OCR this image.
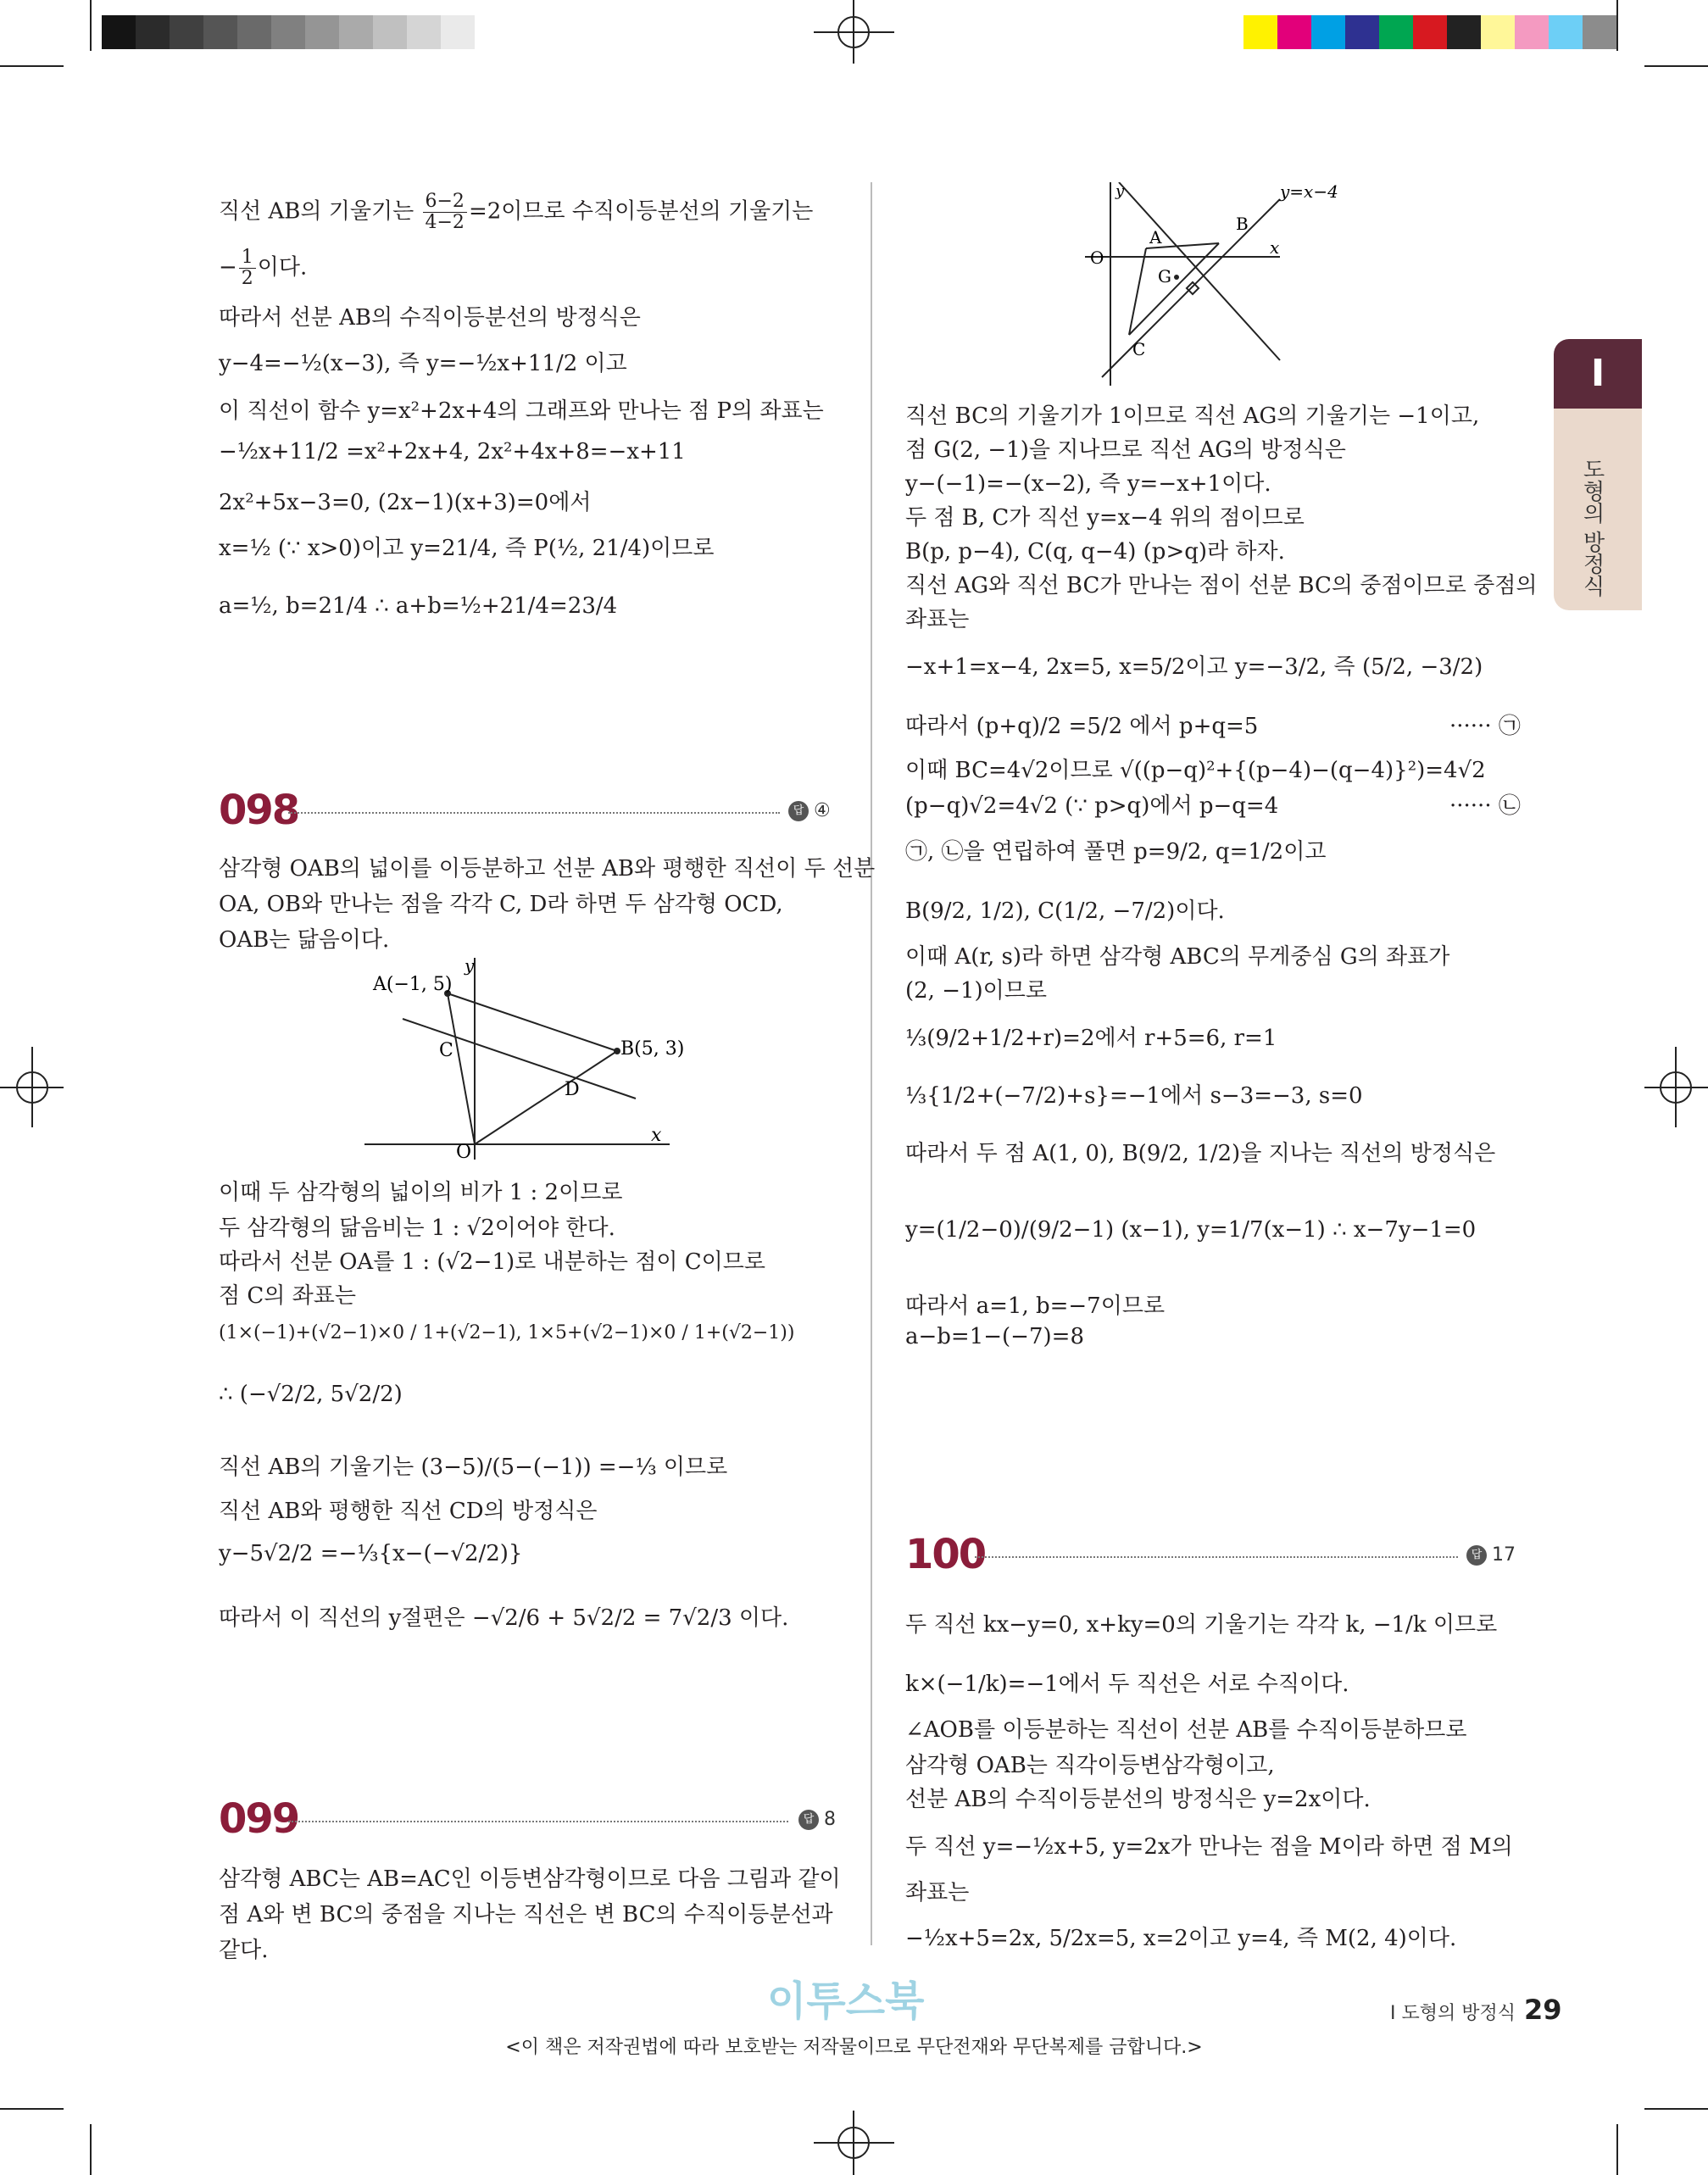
I
도형의 방정식
직선 AB의 기울기는 $\frac{6-2}{4-2} =2$이므로 수직이등분선의 기울기는
− $\frac{1}{2}$ 이다.
따라서 선분 AB의 수직이등분선의 방정식은
y−4=−½(x−3), 즉 y=−½x+11/2 이고
이 직선이 함수 y=x²+2x+4의 그래프와 만나는 점 P의 좌표는
−½x+11/2 =x²+2x+4, 2x²+4x+8=−x+11
2x²+5x−3=0, (2x−1)(x+3)=0에서
x=½ (∵ x>0)이고 y=21/4, 즉 P(½, 21/4)이므로
a=½, b=21/4 ∴ a+b=½+21/4=23/4
098	답 ④
삼각형 OAB의 넓이를 이등분하고 선분 AB와 평행한 직선이 두 선분
OA, OB와 만나는 점을 각각 C, D라 하면 두 삼각형 OCD,
OAB는 닮음이다.
A(−1, 5)
B(5, 3)
C
D
O
x
y
이때 두 삼각형의 넓이의 비가 1 : 2이므로
두 삼각형의 닮음비는 1 : √2이어야 한다.
따라서 선분 OA를 1 : (√2−1)로 내분하는 점이 C이므로
점 C의 좌표는
(1×(−1)+(√2−1)×0 / 1+(√2−1), 1×5+(√2−1)×0 / 1+(√2−1))
∴ (−√2/2, 5√2/2)
직선 AB의 기울기는 (3−5)/(5−(−1)) =−⅓ 이므로
직선 AB와 평행한 직선 CD의 방정식은
y−5√2/2 =−⅓{x−(−√2/2)}
따라서 이 직선의 y절편은 −√2/6 + 5√2/2 = 7√2/3 이다.
099	답 8
삼각형 ABC는 AB=AC인 이등변삼각형이므로 다음 그림과 같이
점 A와 변 BC의 중점을 지나는 직선은 변 BC의 수직이등분선과
같다.
y=x−4
A
B
C
G
O	x
y
직선 BC의 기울기가 1이므로 직선 AG의 기울기는 −1이고,
점 G(2, −1)을 지나므로 직선 AG의 방정식은
y−(−1)=−(x−2), 즉 y=−x+1이다.
두 점 B, C가 직선 y=x−4 위의 점이므로
B(p, p−4), C(q, q−4) (p>q)라 하자.
직선 AG와 직선 BC가 만나는 점이 선분 BC의 중점이므로 중점의
좌표는
−x+1=x−4, 2x=5, x=5/2이고 y=−3/2, 즉 (5/2, −3/2)
따라서 (p+q)/2 =5/2 에서 p+q=5	······ ㉠
이때 BC=4√2이므로 √((p−q)²+{(p−4)−(q−4)}²)=4√2
(p−q)√2=4√2 (∵ p>q)에서 p−q=4	······ ㉡
㉠, ㉡을 연립하여 풀면 p=9/2, q=1/2이고
B(9/2, 1/2), C(1/2, −7/2)이다.
이때 A(r, s)라 하면 삼각형 ABC의 무게중심 G의 좌표가
(2, −1)이므로
⅓(9/2+1/2+r)=2에서 r+5=6, r=1
⅓{1/2+(−7/2)+s}=−1에서 s−3=−3, s=0
따라서 두 점 A(1, 0), B(9/2, 1/2)을 지나는 직선의 방정식은
y=(1/2−0)/(9/2−1) (x−1), y=1/7(x−1) ∴ x−7y−1=0
따라서 a=1, b=−7이므로
a−b=1−(−7)=8
100	답 17
두 직선 kx−y=0, x+ky=0의 기울기는 각각 k, −1/k 이므로
k×(−1/k)=−1에서 두 직선은 서로 수직이다.
∠AOB를 이등분하는 직선이 선분 AB를 수직이등분하므로
삼각형 OAB는 직각이등변삼각형이고,
선분 AB의 수직이등분선의 방정식은 y=2x이다.
두 직선 y=−½x+5, y=2x가 만나는 점을 M이라 하면 점 M의
좌표는
−½x+5=2x, 5/2x=5, x=2이고 y=4, 즉 M(2, 4)이다.
이투스북	I 도형의 방정식 29
<이 책은 저작권법에 따라 보호받는 저작물이므로 무단전재와 무단복제를 금합니다.>
